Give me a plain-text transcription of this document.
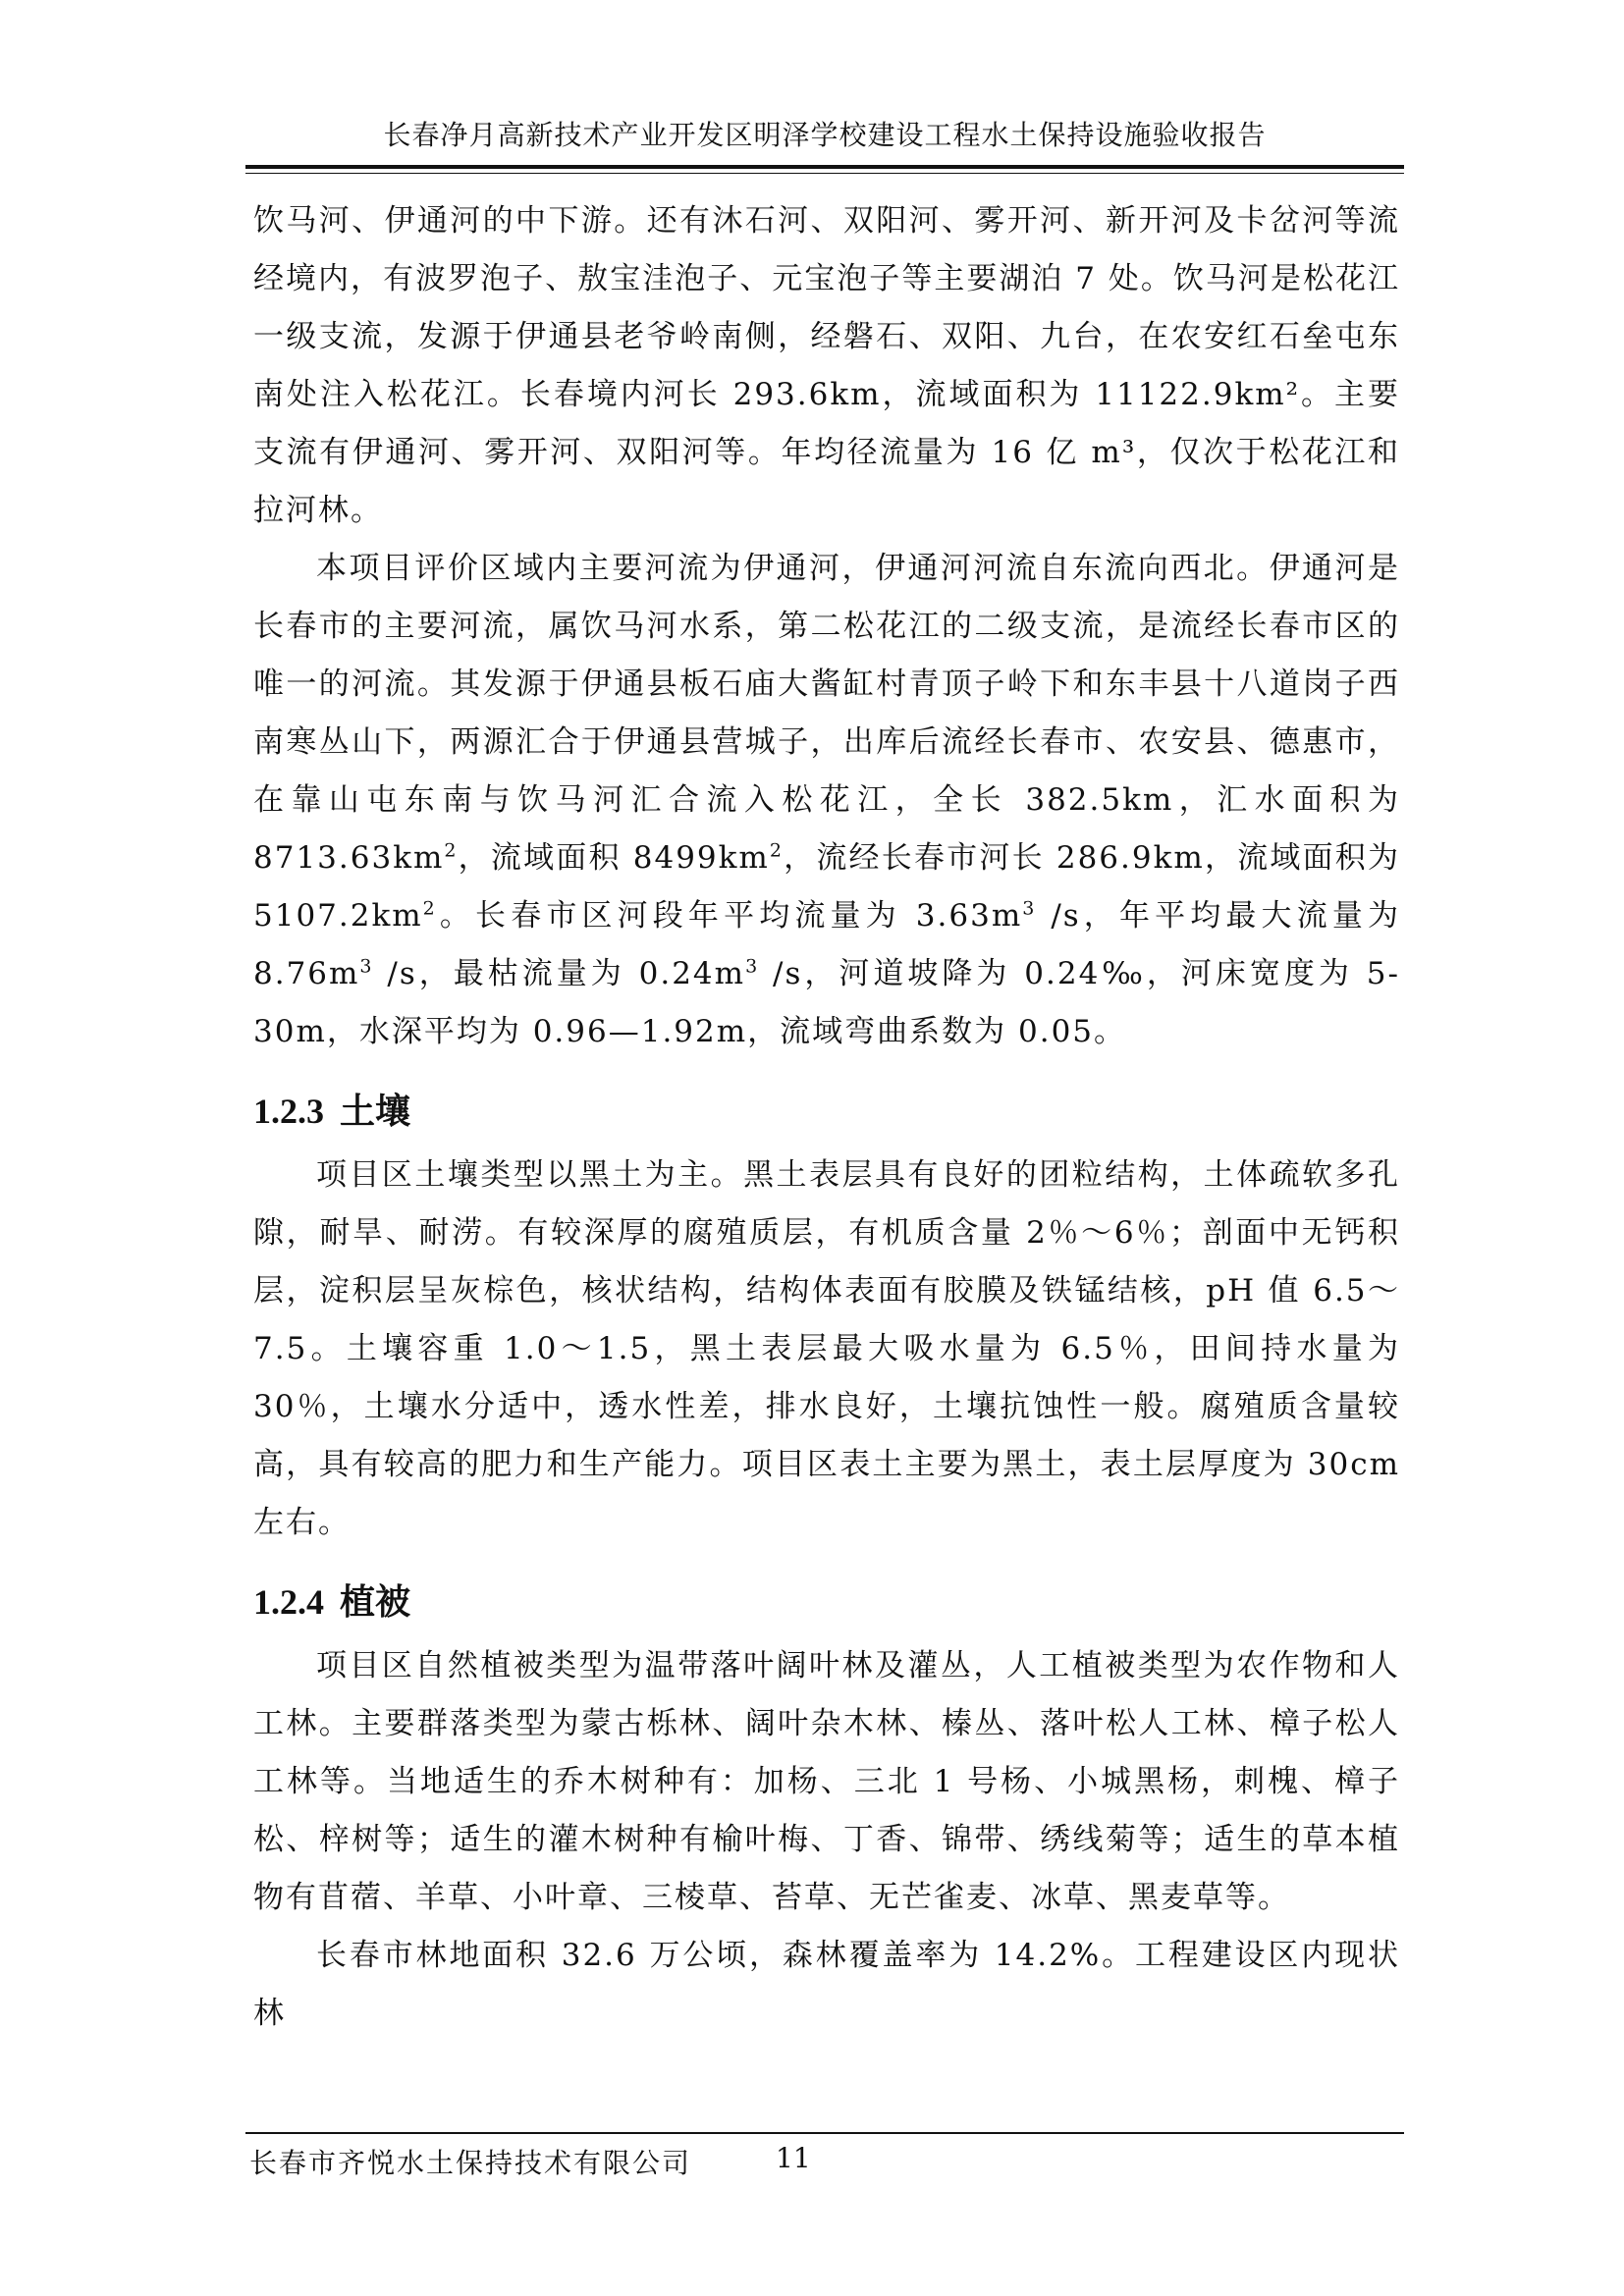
长春净月高新技术产业开发区明泽学校建设工程水土保持设施验收报告

饮马河、伊通河的中下游。还有沐石河、双阳河、雾开河、新开河及卡岔河等流经境内，有波罗泡子、敖宝洼泡子、元宝泡子等主要湖泊 7 处。饮马河是松花江一级支流，发源于伊通县老爷岭南侧，经磐石、双阳、九台，在农安红石垒屯东南处注入松花江。长春境内河长 293.6km，流域面积为 11122.9km²。主要支流有伊通河、雾开河、双阳河等。年均径流量为 16 亿 m³，仅次于松花江和拉河林。

本项目评价区域内主要河流为伊通河，伊通河河流自东流向西北。伊通河是长春市的主要河流，属饮马河水系，第二松花江的二级支流，是流经长春市区的唯一的河流。其发源于伊通县板石庙大酱缸村青顶子岭下和东丰县十八道岗子西南寒丛山下，两源汇合于伊通县营城子，出库后流经长春市、农安县、德惠市，在靠山屯东南与饮马河汇合流入松花江，全长 382.5km，汇水面积为 $8713.63km^2$，流域面积 $8499km^2$，流经长春市河长 286.9km，流域面积为 $5107.2km^2$。长春市区河段年平均流量为 $3.63m^3$ /s，年平均最大流量为 $8.76m^3$ /s，最枯流量为 $0.24m^3$ /s，河道坡降为 0.24‰，河床宽度为 5-30m，水深平均为 0.96—1.92m，流域弯曲系数为 0.05。

1.2.3 土壤

项目区土壤类型以黑土为主。黑土表层具有良好的团粒结构，土体疏软多孔隙，耐旱、耐涝。有较深厚的腐殖质层，有机质含量 2％～6％；剖面中无钙积层，淀积层呈灰棕色，核状结构，结构体表面有胶膜及铁锰结核，pH 值 6.5～7.5。土壤容重 1.0～1.5，黑土表层最大吸水量为 6.5％，田间持水量为 30％，土壤水分适中，透水性差，排水良好，土壤抗蚀性一般。腐殖质含量较高，具有较高的肥力和生产能力。项目区表土主要为黑土，表土层厚度为 30cm 左右。

1.2.4 植被

项目区自然植被类型为温带落叶阔叶林及灌丛，人工植被类型为农作物和人工林。主要群落类型为蒙古栎林、阔叶杂木林、榛丛、落叶松人工林、樟子松人工林等。当地适生的乔木树种有：加杨、三北 1 号杨、小城黑杨，刺槐、樟子松、梓树等；适生的灌木树种有榆叶梅、丁香、锦带、绣线菊等；适生的草本植物有苜蓿、羊草、小叶章、三棱草、苔草、无芒雀麦、冰草、黑麦草等。

长春市林地面积 32.6 万公顷，森林覆盖率为 14.2%。工程建设区内现状林

长春市齐悦水土保持技术有限公司	11
